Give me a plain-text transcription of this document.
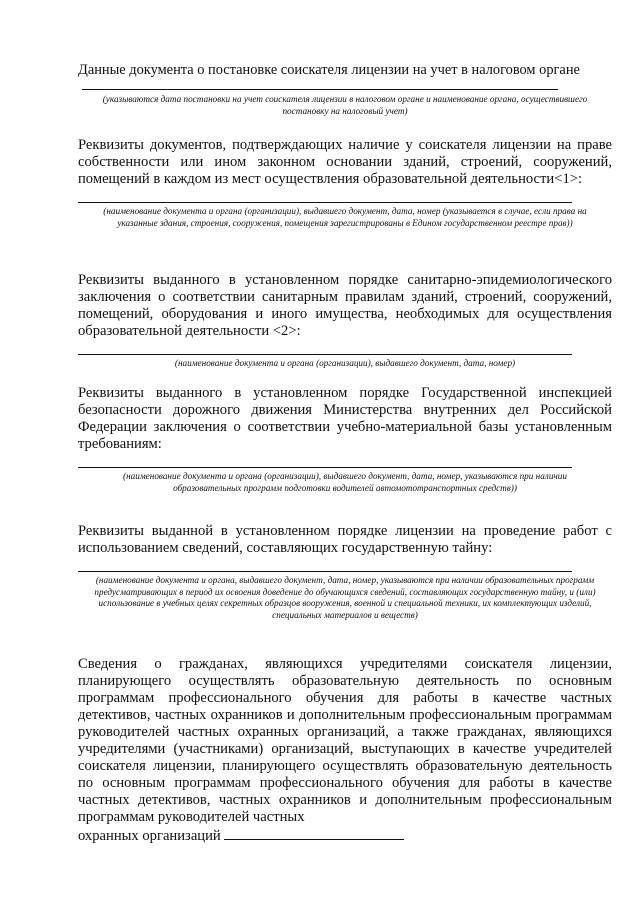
Данные документа о постановке соискателя лицензии на учет в налоговом органе

(указываются дата постановки на учет соискателя лицензии в налоговом органе и наименование органа, осуществившего постановку на налоговый учет)

Реквизиты документов, подтверждающих наличие у соискателя лицензии на праве собственности или ином законном основании зданий, строений, сооружений, помещений в каждом из мест осуществления образовательной деятельности<1>:

(наименование документа и органа (организации), выдавшего документ, дата, номер (указывается в случае, если права на указанные здания, строения, сооружения, помещения зарегистрированы в Едином государственном реестре прав))

Реквизиты выданного в установленном порядке санитарно-эпидемиологического заключения о соответствии санитарным правилам зданий, строений, сооружений, помещений, оборудования и иного имущества, необходимых для осуществления образовательной деятельности <2>:

(наименование документа и органа (организации), выдавшего документ, дата, номер)

Реквизиты выданного в установленном порядке Государственной инспекцией безопасности дорожного движения Министерства внутренних дел Российской Федерации заключения о соответствии учебно-материальной базы установленным требованиям:

(наименование документа и органа (организации), выдавшего документ, дата, номер, указываются при наличии образовательных программ подготовки водителей автомототранспортных средств))

Реквизиты выданной в установленном порядке лицензии на проведение работ с использованием сведений, составляющих государственную тайну:

(наименование документа и органа, выдавшего документ, дата, номер, указываются при наличии образовательных программ предусматривающих в период их освоения доведение до обучающихся сведений, составляющих государственную тайну, и (или) использование в учебных целях секретных образцов вооружения, военной и специальной техники, их комплектующих изделий, специальных материалов и веществ)

Сведения о гражданах, являющихся учредителями соискателя лицензии, планирующего осуществлять образовательную деятельность по основным программам профессионального обучения для работы в качестве частных детективов, частных охранников и дополнительным профессиональным программам руководителей частных охранных организаций, а также гражданах, являющихся учредителями (участниками) организаций, выступающих в качестве учредителей соискателя лицензии, планирующего осуществлять образовательную деятельность по основным программам профессионального обучения для работы в качестве частных детективов, частных охранников и дополнительным профессиональным программам руководителей частных

охранных организаций
